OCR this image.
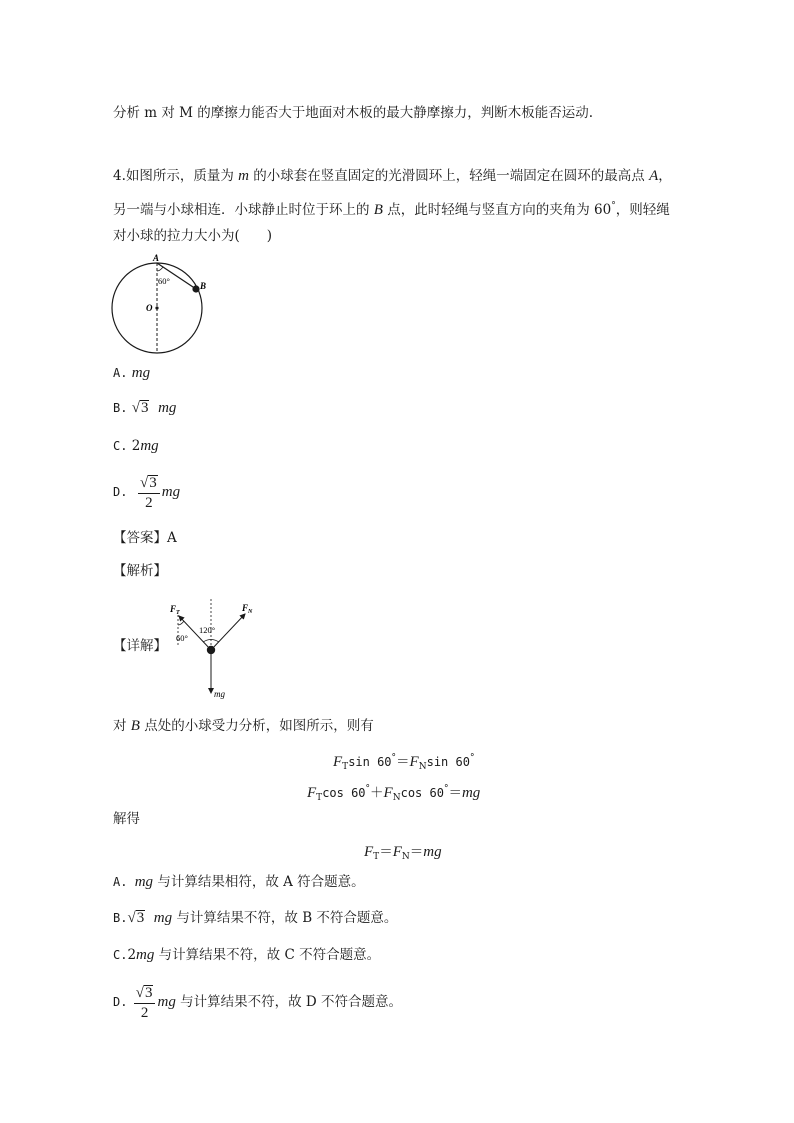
分析 m 对 M 的摩擦力能否大于地面对木板的最大静摩擦力，判断木板能否运动.
4.如图所示，质量为 m 的小球套在竖直固定的光滑圆环上，轻绳一端固定在圆环的最高点 A，
另一端与小球相连．小球静止时位于环上的 B 点，此时轻绳与竖直方向的夹角为 60°，则轻绳
对小球的拉力大小为(　　)
A
B
O
60°
A. mg
B. √3 mg
C. 2mg
D. $\frac{√3}{2}$ mg
【答案】A
【解析】
【详解】
$F_T$	$F_N$
60°
120°
mg
对 B 点处的小球受力分析，如图所示，则有
$F_T\sin$ $60^\circ=F_N\sin$ 60°
$F_T\cos$ $60^\circ+F_N\cos$ 60°＝mg
解得
$F_T=F_N=mg$
A. mg 与计算结果相符，故 A 符合题意。
B.√3 mg 与计算结果不符，故 B 不符合题意。
C.2mg 与计算结果不符，故 C 不符合题意。
D. $\frac{√3}{2}$ mg 与计算结果不符，故 D 不符合题意。
